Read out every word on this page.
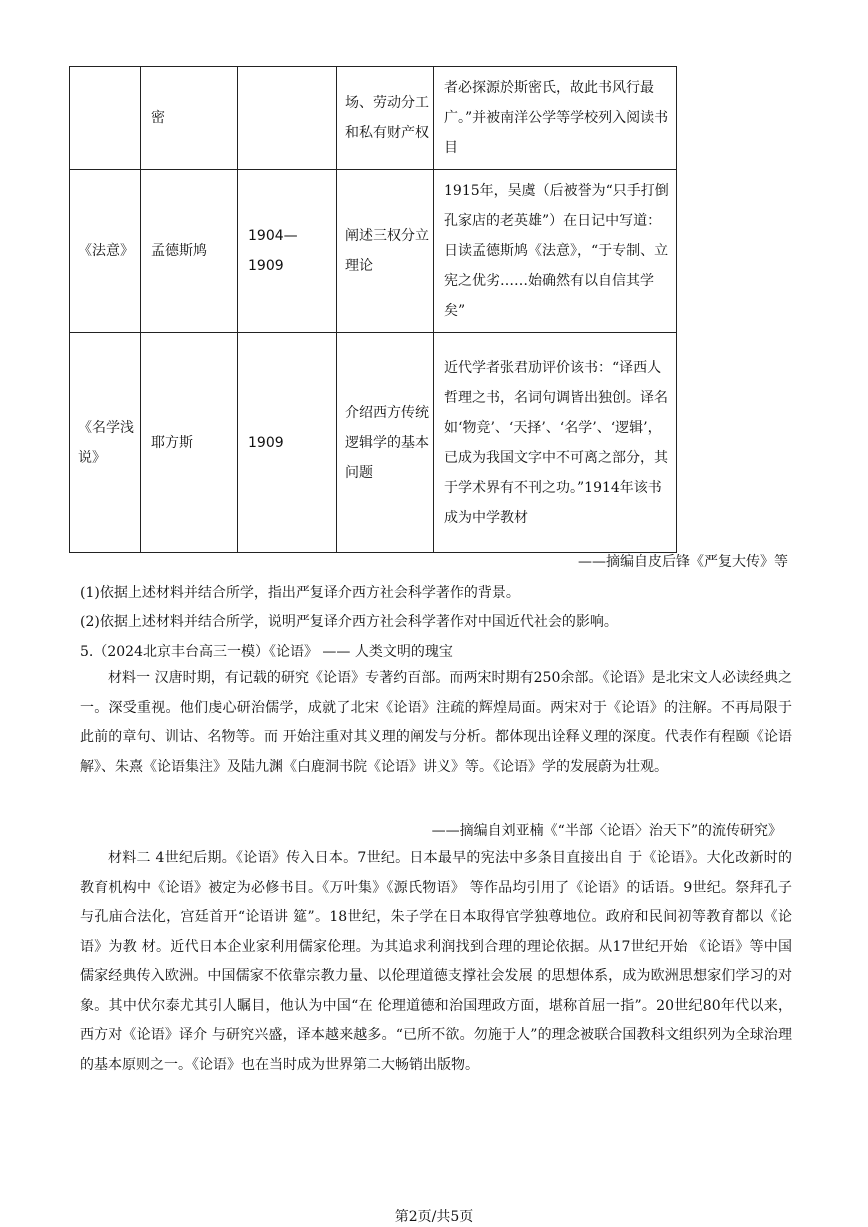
	密		场、劳动分工和私有财产权	者必探源於斯密氏，故此书风行最广。”并被南洋公学等学校列入阅读书目
《法意》	孟德斯鸠	1904—1909	阐述三权分立理论	1915年，吴虞（后被誉为“只手打倒孔家店的老英雄”）在日记中写道：日读孟德斯鸠《法意》，“于专制、立宪之优劣……始确然有以自信其学矣”
《名学浅说》	耶方斯	1909	介绍西方传统逻辑学的基本问题	近代学者张君劢评价该书：“译西人哲理之书，名词句调皆出独创。译名如‘物竞’、‘天择’、‘名学’、‘逻辑’，已成为我国文字中不可离之部分，其于学术界有不刊之功。”1914年该书成为中学教材
——摘编自皮后锋《严复大传》等
(1)依据上述材料并结合所学，指出严复译介西方社会科学著作的背景。
(2)依据上述材料并结合所学，说明严复译介西方社会科学著作对中国近代社会的影响。
5.（2024北京丰台高三一模）《论语》 —— 人类文明的瑰宝

材料一 汉唐时期，有记载的研究《论语》专著约百部。而两宋时期有250余部。《论语》是北宋文人必读经典之一。深受重视。他们虔心研治儒学，成就了北宋《论语》注疏的辉煌局面。两宋对于《论语》的注解。不再局限于此前的章句、训诂、名物等。而 开始注重对其义理的阐发与分析。都体现出诠释义理的深度。代表作有程颐《论语解》、朱熹《论语集注》及陆九渊《白鹿洞书院《论语》讲义》等。《论语》学的发展蔚为壮观。

——摘编自刘亚楠《“半部〈论语〉治天下”的流传研究》

材料二 4世纪后期。《论语》传入日本。7世纪。日本最早的宪法中多条目直接出自 于《论语》。大化改新时的教育机构中《论语》被定为必修书目。《万叶集》《源氏物语》 等作品均引用了《论语》的话语。9世纪。祭拜孔子与孔庙合法化，宫廷首开“论语讲 筵”。18世纪，朱子学在日本取得官学独尊地位。政府和民间初等教育都以《论语》为教 材。近代日本企业家利用儒家伦理。为其追求利润找到合理的理论依据。从17世纪开始 《论语》等中国儒家经典传入欧洲。中国儒家不依靠宗教力量、以伦理道德支撑社会发展 的思想体系，成为欧洲思想家们学习的对象。其中伏尔泰尤其引人瞩目，他认为中国“在 伦理道德和治国理政方面，堪称首屈一指”。20世纪80年代以来，西方对《论语》译介 与研究兴盛，译本越来越多。“已所不欲。勿施于人”的理念被联合国教科文组织列为全球治理的基本原则之一。《论语》也在当时成为世界第二大畅销出版物。

第2页/共5页
